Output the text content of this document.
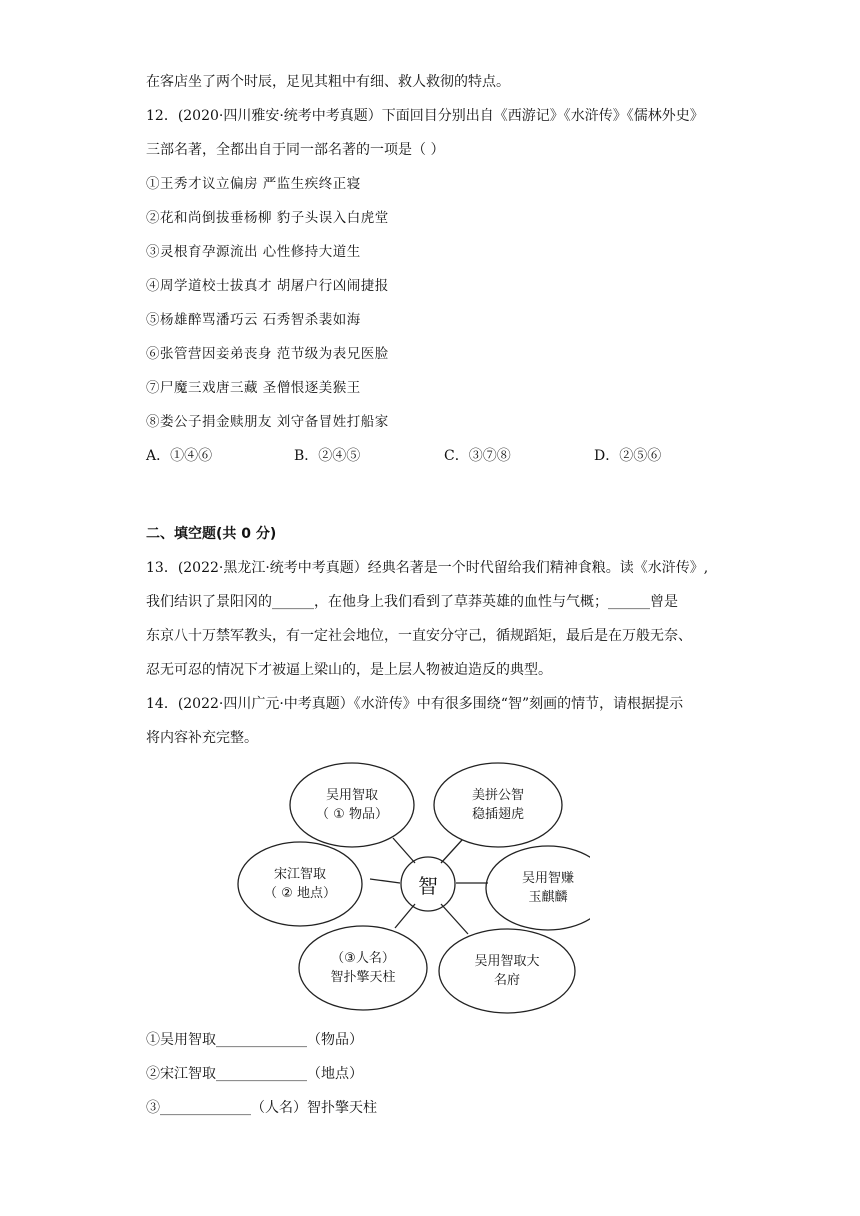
在客店坐了两个时辰，足见其粗中有细、救人救彻的特点。
12．(2020·四川雅安·统考中考真题）下面回目分别出自《西游记》《水浒传》《儒林外史》
三部名著，全都出自于同一部名著的一项是（ ）
①王秀才议立偏房 严监生疾终正寝
②花和尚倒拔垂杨柳 豹子头误入白虎堂
③灵根育孕源流出 心性修持大道生
④周学道校士拔真才 胡屠户行凶闹捷报
⑤杨雄醉骂潘巧云 石秀智杀裴如海
⑥张管营因妾弟丧身 范节级为表兄医脸
⑦尸魔三戏唐三藏 圣僧恨逐美猴王
⑧娄公子捐金赎朋友 刘守备冒姓打船家
A．①④⑥	B．②④⑤	C．③⑦⑧	D．②⑤⑥
二、填空题(共 0 分)
13．(2022·黑龙江·统考中考真题）经典名著是一个时代留给我们精神食粮。读《水浒传》,
我们结识了景阳冈的______，在他身上我们看到了草莽英雄的血性与气概；______曾是
东京八十万禁军教头，有一定社会地位，一直安分守己，循规蹈矩，最后是在万般无奈、
忍无可忍的情况下才被逼上梁山的，是上层人物被迫造反的典型。
14．(2022·四川广元·中考真题）《水浒传》中有很多围绕“智”刻画的情节，请根据提示
将内容补充完整。
智
吴用智取
（ ① 物品）
美拼公智
稳插翅虎
宋江智取
（ ② 地点）
吴用智赚
玉麒麟
（③人名）
智扑擎天柱
吴用智取大
名府
①吴用智取_____________（物品）
②宋江智取_____________（地点）
③_____________（人名）智扑擎天柱
